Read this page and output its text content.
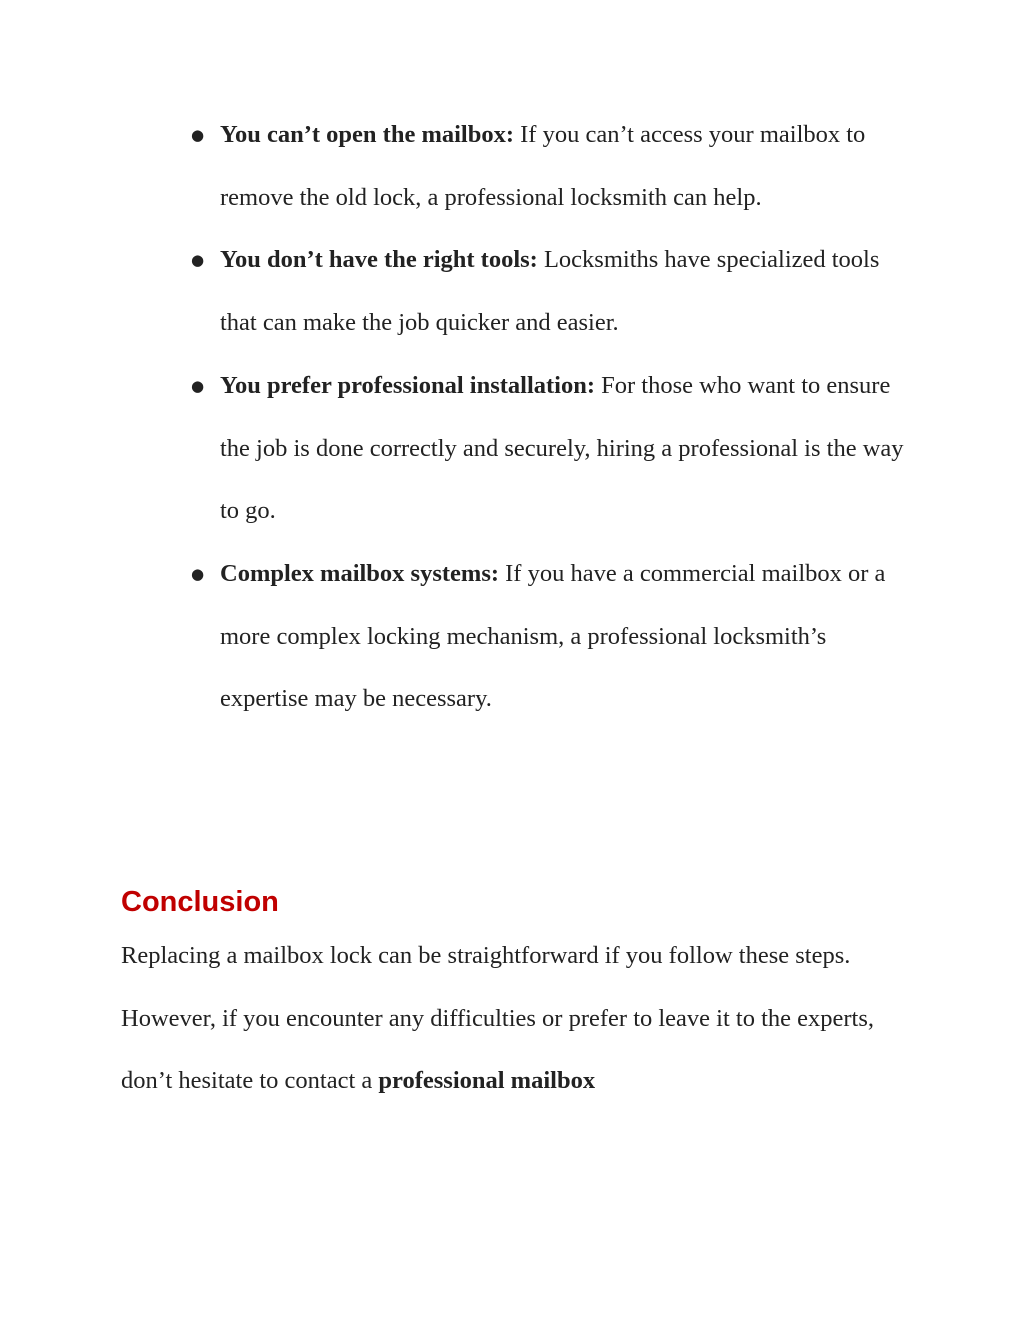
● You can’t open the mailbox: If you can’t access your mailbox to remove the old lock, a professional locksmith can help.
● You don’t have the right tools: Locksmiths have specialized tools that can make the job quicker and easier.
● You prefer professional installation: For those who want to ensure the job is done correctly and securely, hiring a professional is the way to go.
● Complex mailbox systems: If you have a commercial mailbox or a more complex locking mechanism, a professional locksmith’s expertise may be necessary.
Conclusion

Replacing a mailbox lock can be straightforward if you follow these steps. However, if you encounter any difficulties or prefer to leave it to the experts, don’t hesitate to contact a professional mailbox
